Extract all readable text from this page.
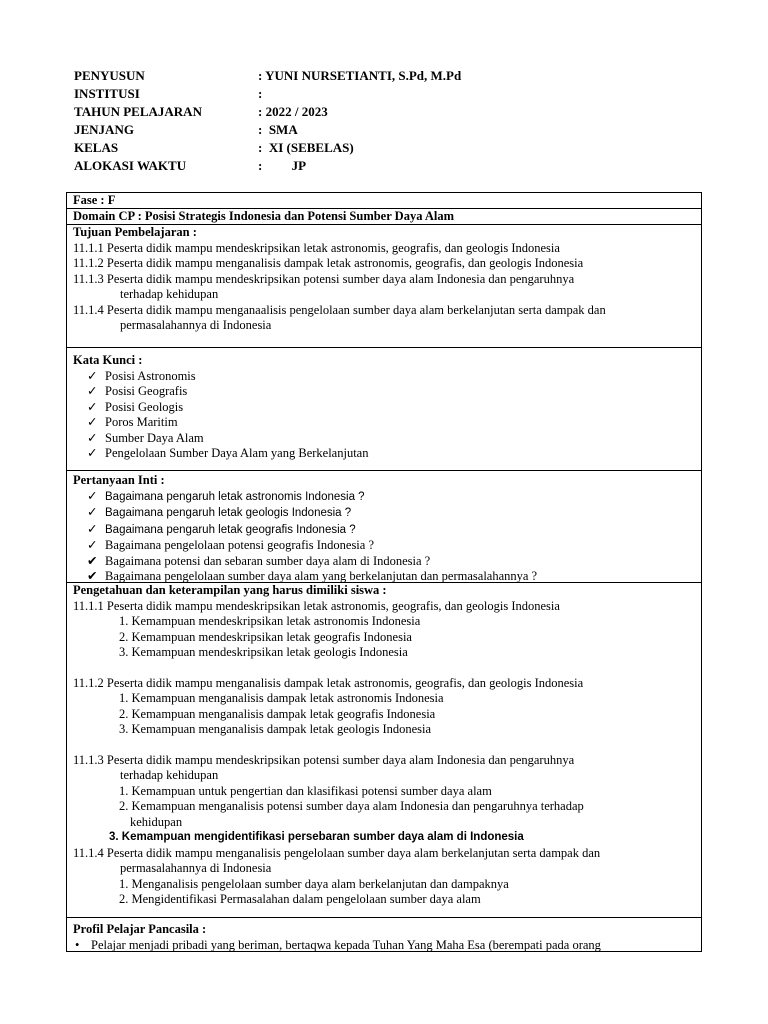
PENYUSUN	: YUNI NURSETIANTI, S.Pd, M.Pd
INSTITUSI	:
TAHUN PELAJARAN	: 2022 / 2023
JENJANG	:  SMA
KELAS	:  XI (SEBELAS)
ALOKASI WAKTU	:         JP
Fase : F
Domain CP : Posisi Strategis Indonesia dan Potensi Sumber Daya Alam
Tujuan Pembelajaran :
11.1.1 Peserta didik mampu mendeskripsikan letak astronomis, geografis, dan geologis Indonesia
11.1.2 Peserta didik mampu menganalisis dampak letak astronomis, geografis, dan geologis Indonesia
11.1.3 Peserta didik mampu mendeskripsikan potensi sumber daya alam Indonesia dan pengaruhnya
terhadap kehidupan
11.1.4 Peserta didik mampu menganaalisis pengelolaan sumber daya alam berkelanjutan serta dampak dan
permasalahannya di Indonesia
Kata Kunci :
✓ Posisi Astronomis
✓ Posisi Geografis
✓ Posisi Geologis
✓ Poros Maritim
✓ Sumber Daya Alam
✓ Pengelolaan Sumber Daya Alam yang Berkelanjutan
Pertanyaan Inti :
✓ Bagaimana pengaruh letak astronomis Indonesia ?
✓ Bagaimana pengaruh letak geologis Indonesia ?
✓ Bagaimana pengaruh letak geografis Indonesia ?
✓ Bagaimana pengelolaan potensi geografis Indonesia ?
✔ Bagaimana potensi dan sebaran sumber daya alam di Indonesia ?
✔ Bagaimana pengelolaan sumber daya alam yang berkelanjutan dan permasalahannya ?
Pengetahuan dan keterampilan yang harus dimiliki siswa :
11.1.1 Peserta didik mampu mendeskripsikan letak astronomis, geografis, dan geologis Indonesia
1. Kemampuan mendeskripsikan letak astronomis Indonesia
2. Kemampuan mendeskripsikan letak geografis Indonesia
3. Kemampuan mendeskripsikan letak geologis Indonesia
11.1.2 Peserta didik mampu menganalisis dampak letak astronomis, geografis, dan geologis Indonesia
1. Kemampuan menganalisis dampak letak astronomis Indonesia
2. Kemampuan menganalisis dampak letak geografis Indonesia
3. Kemampuan menganalisis dampak letak geologis Indonesia
11.1.3 Peserta didik mampu mendeskripsikan potensi sumber daya alam Indonesia dan pengaruhnya
terhadap kehidupan
1. Kemampuan untuk pengertian dan klasifikasi potensi sumber daya alam
2. Kemampuan menganalisis potensi sumber daya alam Indonesia dan pengaruhnya terhadap
kehidupan
3. Kemampuan mengidentifikasi persebaran sumber daya alam di Indonesia
11.1.4 Peserta didik mampu menganalisis pengelolaan sumber daya alam berkelanjutan serta dampak dan
permasalahannya di Indonesia
1. Menganalisis pengelolaan sumber daya alam berkelanjutan dan dampaknya
2. Mengidentifikasi Permasalahan dalam pengelolaan sumber daya alam
Profil Pelajar Pancasila :
• Pelajar menjadi pribadi yang beriman, bertaqwa kepada Tuhan Yang Maha Esa (berempati pada orang
